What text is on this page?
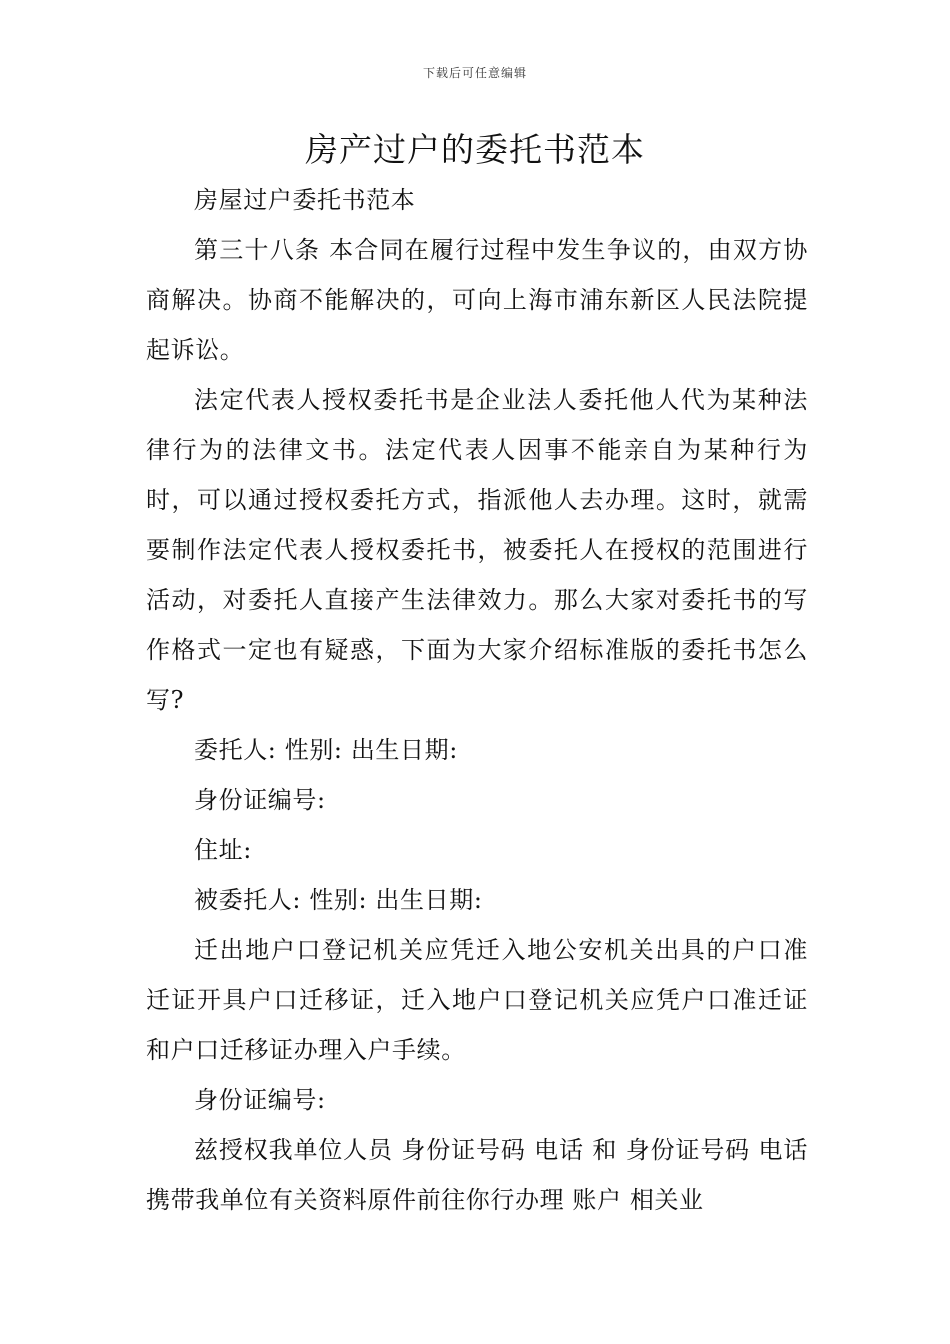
下载后可任意编辑
房产过户的委托书范本

房屋过户委托书范本

第三十八条 本合同在履行过程中发生争议的，由双方协商解决。协商不能解决的，可向上海市浦东新区人民法院提起诉讼。

法定代表人授权委托书是企业法人委托他人代为某种法律行为的法律文书。法定代表人因事不能亲自为某种行为时，可以通过授权委托方式，指派他人去办理。这时，就需要制作法定代表人授权委托书，被委托人在授权的范围进行活动，对委托人直接产生法律效力。那么大家对委托书的写作格式一定也有疑惑，下面为大家介绍标准版的委托书怎么写?

委托人: 性别: 出生日期:

身份证编号:

住址:

被委托人: 性别: 出生日期:

迁出地户口登记机关应凭迁入地公安机关出具的户口准迁证开具户口迁移证，迁入地户口登记机关应凭户口准迁证和户口迁移证办理入户手续。

身份证编号:

兹授权我单位人员 身份证号码 电话 和 身份证号码 电话 携带我单位有关资料原件前往你行办理 账户 相关业
